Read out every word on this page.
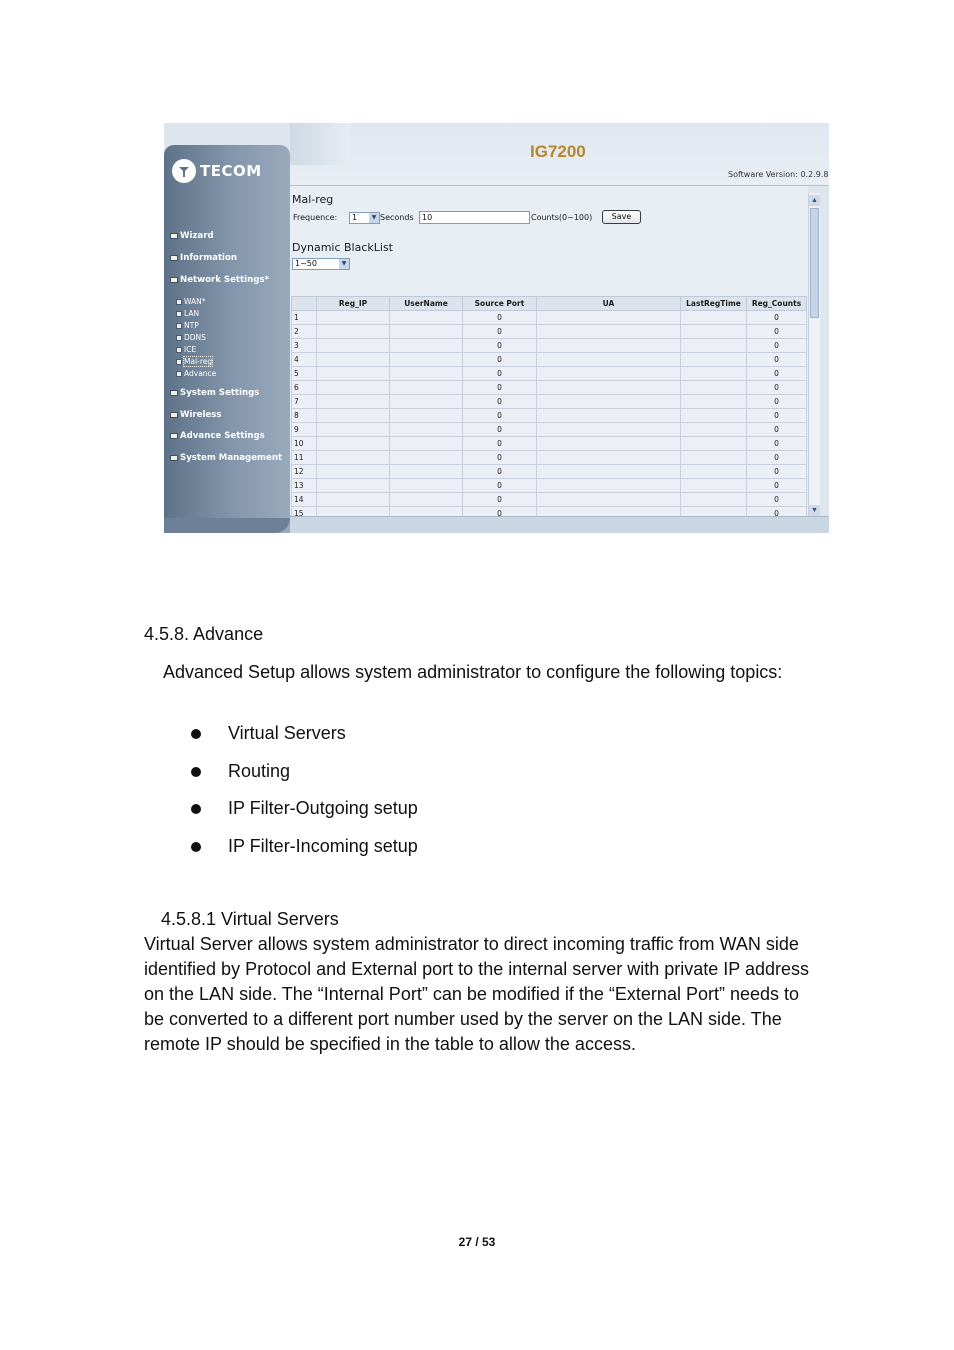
IG7200
Software Version: 0.2.9.8
TECOM
Wizard
Information
Network Settings*
WAN*
LAN
NTP
DDNS
ICE
Mal-reg
Advance
System Settings
Wireless
Advance Settings
System Management
Mal-reg
Frequence:	1	▼ Seconds	10	Counts(0~100)	Save
Dynamic BlackList
1~50	▼
	Reg_IP	UserName	Source Port	UA	LastRegTime	Reg_Counts
1			0			0
2			0			0
3			0			0
4			0			0
5			0			0
6			0			0
7			0			0
8			0			0
9			0			0
10			0			0
11			0			0
12			0			0
13			0			0
14			0			0
15			0			0
▲
▼
4.5.8. Advance
Advanced Setup allows system administrator to configure the following topics:
Virtual Servers
Routing
IP Filter-Outgoing setup
IP Filter-Incoming setup
4.5.8.1 Virtual Servers
Virtual Server allows system administrator to direct incoming traffic from WAN side identified by Protocol and External port to the internal server with private IP address on the LAN side. The “Internal Port” can be modified if the “External Port” needs to be converted to a different port number used by the server on the LAN side. The remote IP should be specified in the table to allow the access.
27 / 53
